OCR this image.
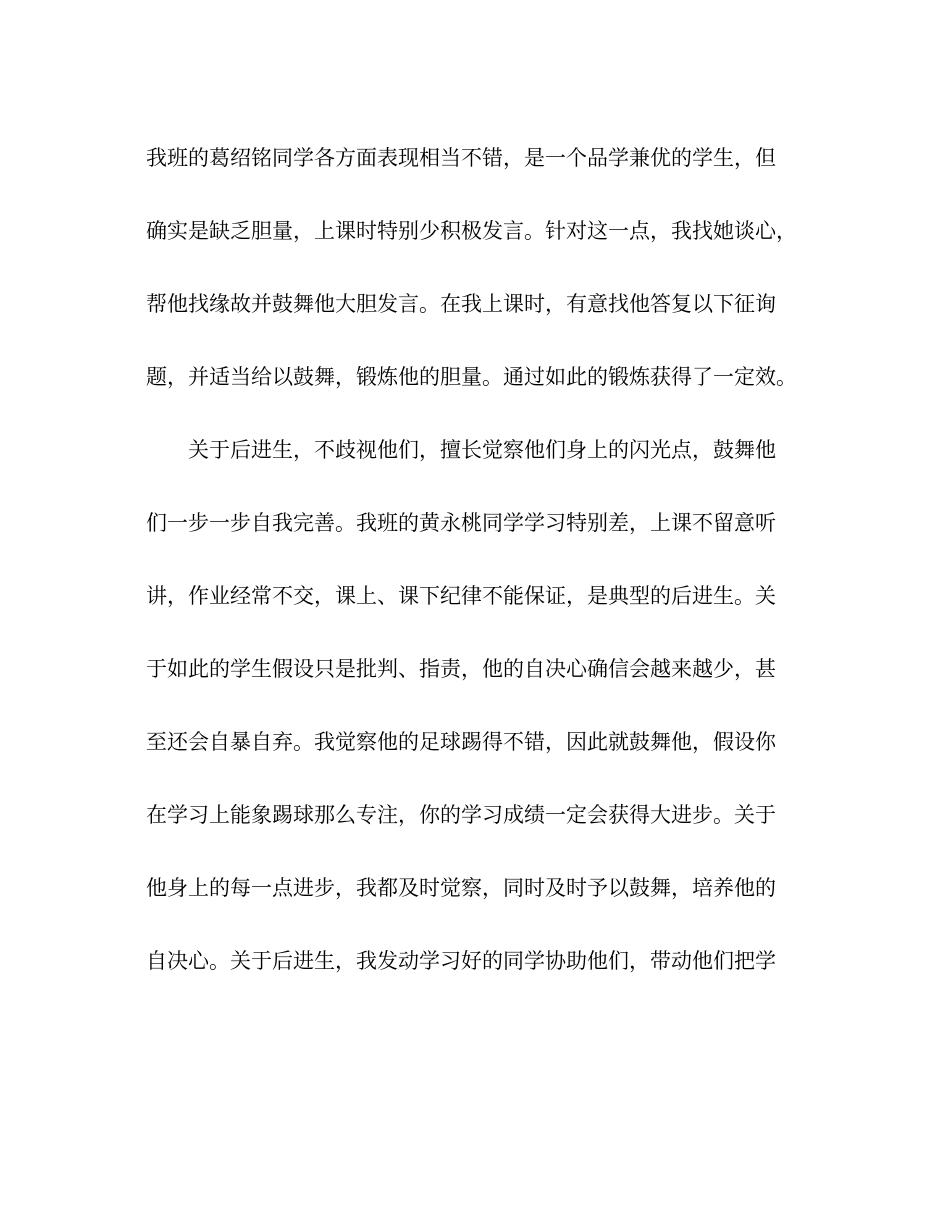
我班的葛绍铭同学各方面表现相当不错，是一个品学兼优的学生，但
确实是缺乏胆量，上课时特别少积极发言。针对这一点，我找她谈心，
帮他找缘故并鼓舞他大胆发言。在我上课时，有意找他答复以下征询
题，并适当给以鼓舞，锻炼他的胆量。通过如此的锻炼获得了一定效。
关于后进生，不歧视他们，擅长觉察他们身上的闪光点，鼓舞他
们一步一步自我完善。我班的黄永桃同学学习特别差，上课不留意听
讲，作业经常不交，课上、课下纪律不能保证，是典型的后进生。关
于如此的学生假设只是批判、指责，他的自决心确信会越来越少，甚
至还会自暴自弃。我觉察他的足球踢得不错，因此就鼓舞他，假设你
在学习上能象踢球那么专注，你的学习成绩一定会获得大进步。关于
他身上的每一点进步，我都及时觉察，同时及时予以鼓舞，培养他的
自决心。关于后进生，我发动学习好的同学协助他们，带动他们把学
